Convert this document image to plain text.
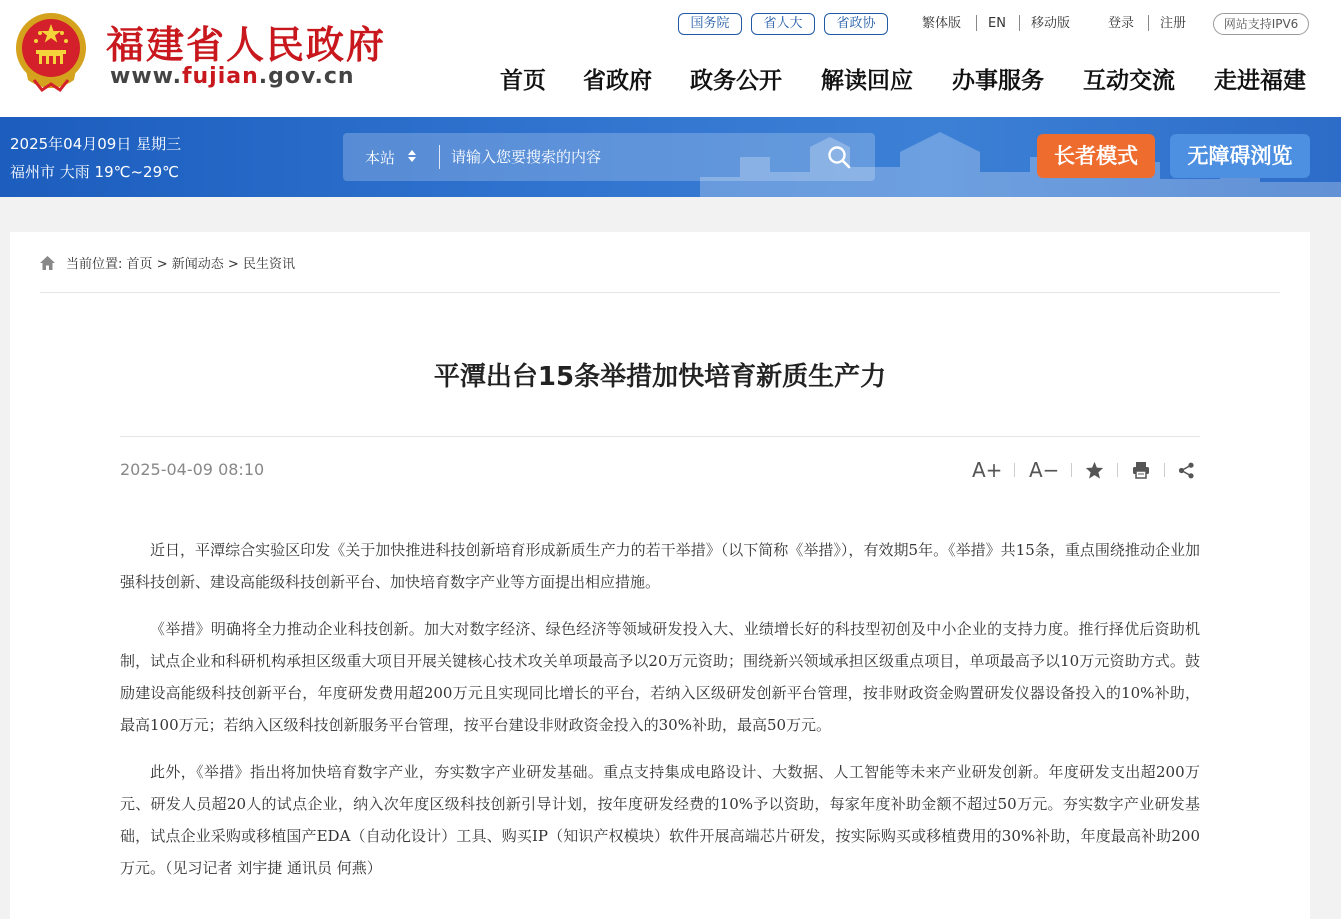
福建省人民政府
www.fujian.gov.cn
国务院	省人大	省政协	繁体版 EN 移动版	登录 注册	网站支持IPV6
首页 省政府 政务公开 解读回应 办事服务 互动交流 走进福建
2025年04月09日 星期三
福州市 大雨 19℃~29℃
本站
请输入您要搜索的内容	长者模式	无障碍浏览
当前位置: 首页 > 新闻动态 > 民生资讯
平潭出台15条举措加快培育新质生产力
2025-04-09 08:10	A+ A−

近日，平潭综合实验区印发《关于加快推进科技创新培育形成新质生产力的若干举措》（以下简称《举措》），有效期5年。《举措》共15条，重点围绕推动企业加强科技创新、建设高能级科技创新平台、加快培育数字产业等方面提出相应措施。

《举措》明确将全力推动企业科技创新。加大对数字经济、绿色经济等领域研发投入大、业绩增长好的科技型初创及中小企业的支持力度。推行择优后资助机制，试点企业和科研机构承担区级重大项目开展关键核心技术攻关单项最高予以20万元资助；围绕新兴领域承担区级重点项目，单项最高予以10万元资助方式。鼓励建设高能级科技创新平台，年度研发费用超200万元且实现同比增长的平台，若纳入区级研发创新平台管理，按非财政资金购置研发仪器设备投入的10%补助，最高100万元；若纳入区级科技创新服务平台管理，按平台建设非财政资金投入的30%补助，最高50万元。

此外，《举措》指出将加快培育数字产业，夯实数字产业研发基础。重点支持集成电路设计、大数据、人工智能等未来产业研发创新。年度研发支出超200万元、研发人员超20人的试点企业，纳入次年度区级科技创新引导计划，按年度研发经费的10%予以资助，每家年度补助金额不超过50万元。夯实数字产业研发基础，试点企业采购或移植国产EDA（自动化设计）工具、购买IP（知识产权模块）软件开展高端芯片研发，按实际购买或移植费用的30%补助，年度最高补助200万元。（见习记者 刘宇捷 通讯员 何燕）
